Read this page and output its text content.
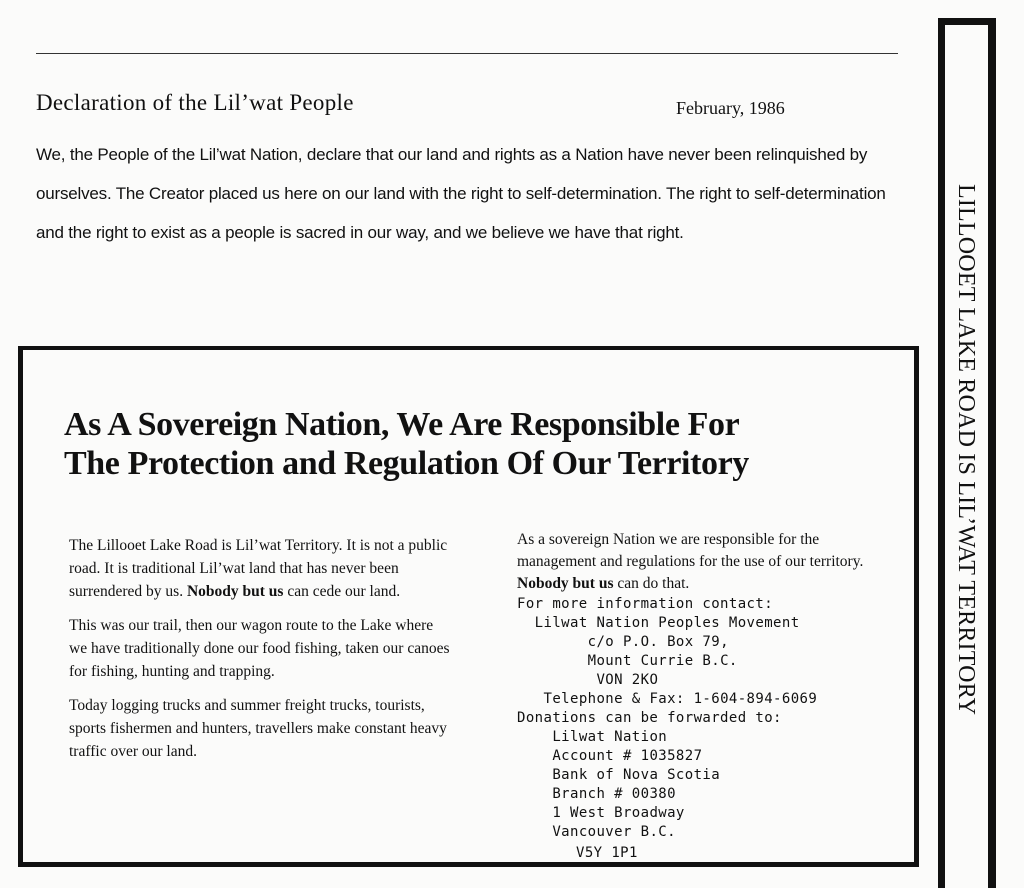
Declaration of the Lil’wat People	February, 1986

We, the People of the Lil’wat Nation, declare that our land and rights as a Nation have never been relinquished by ourselves. The Creator placed us here on our land with the right to self-determination. The right to self-determination and the right to exist as a people is sacred in our way, and we believe we have that right.

As A Sovereign Nation, We Are Responsible For
The Protection and Regulation Of Our Territory

The Lillooet Lake Road is Lil’wat Territory. It is not a public road. It is traditional Lil’wat land that has never been surrendered by us. Nobody but us can cede our land.

This was our trail, then our wagon route to the Lake where we have traditionally done our food fishing, taken our canoes for fishing, hunting and trapping.

Today logging trucks and summer freight trucks, tourists, sports fishermen and hunters, travellers make constant heavy traffic over our land.

As a sovereign Nation we are responsible for the management and regulations for the use of our territory. Nobody but us can do that.

For more information contact:
Lilwat Nation Peoples Movement
c/o P.O. Box 79,
Mount Currie B.C.
VON 2KO
Telephone & Fax: 1-604-894-6069
Donations can be forwarded to:
Lilwat Nation
Account # 1035827
Bank of Nova Scotia
Branch # 00380
1 West Broadway
Vancouver B.C.
V5Y 1P1
LILLOOET LAKE ROAD IS LIL’WAT TERRITORY
